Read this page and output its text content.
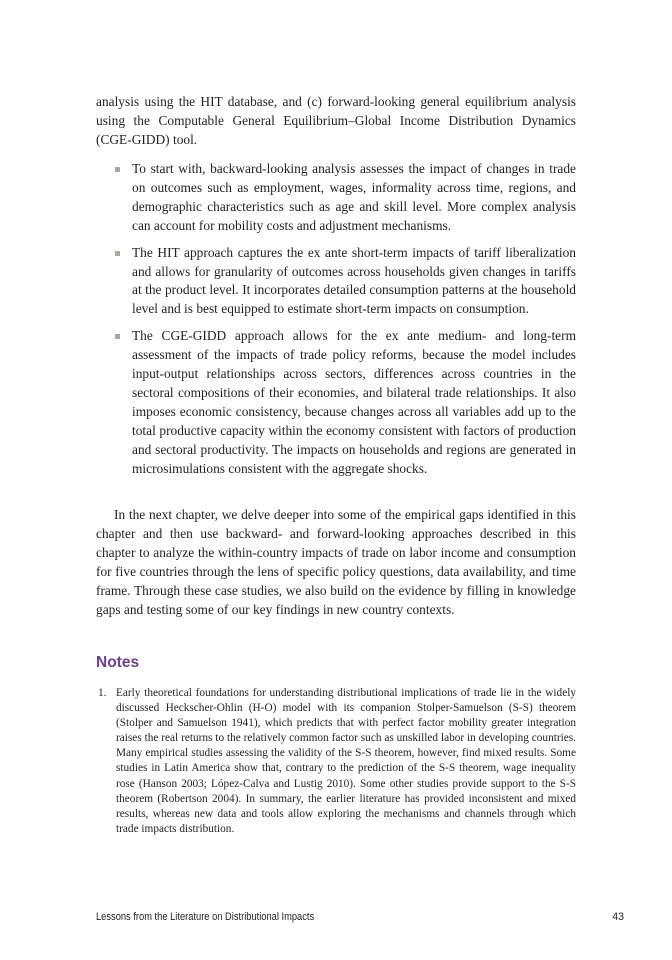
analysis using the HIT database, and (c) forward-looking general equilibrium analysis using the Computable General Equilibrium–Global Income Distribution Dynamics (CGE-GIDD) tool.

To start with, backward-looking analysis assesses the impact of changes in trade on outcomes such as employment, wages, informality across time, regions, and demographic characteristics such as age and skill level. More complex analysis can account for mobility costs and adjustment mechanisms.
The HIT approach captures the ex ante short-term impacts of tariff liberalization and allows for granularity of outcomes across households given changes in tariffs at the product level. It incorporates detailed consumption patterns at the household level and is best equipped to estimate short-term impacts on consumption.
The CGE-GIDD approach allows for the ex ante medium- and long-term assessment of the impacts of trade policy reforms, because the model includes input-output relationships across sectors, differences across countries in the sectoral compositions of their economies, and bilateral trade relationships. It also imposes economic consistency, because changes across all variables add up to the total productive capacity within the economy consistent with factors of production and sectoral productivity. The impacts on households and regions are generated in microsimulations consistent with the aggregate shocks.

In the next chapter, we delve deeper into some of the empirical gaps identified in this chapter and then use backward- and forward-looking approaches described in this chapter to analyze the within-country impacts of trade on labor income and consumption for five countries through the lens of specific policy questions, data availability, and time frame. Through these case studies, we also build on the evidence by filling in knowledge gaps and testing some of our key findings in new country contexts.

Notes
1. Early theoretical foundations for understanding distributional implications of trade lie in the widely discussed Heckscher-Ohlin (H-O) model with its companion Stolper-Samuelson (S-S) theorem (Stolper and Samuelson 1941), which predicts that with perfect factor mobility greater integration raises the real returns to the relatively common factor such as unskilled labor in developing countries. Many empirical studies assessing the validity of the S-S theorem, however, find mixed results. Some studies in Latin America show that, contrary to the prediction of the S-S theorem, wage inequality rose (Hanson 2003; López-Calva and Lustig 2010). Some other studies provide support to the S-S theorem (Robertson 2004). In summary, the earlier literature has provided inconsistent and mixed results, whereas new data and tools allow exploring the mechanisms and channels through which trade impacts distribution.
Lessons from the Literature on Distributional Impacts	43
